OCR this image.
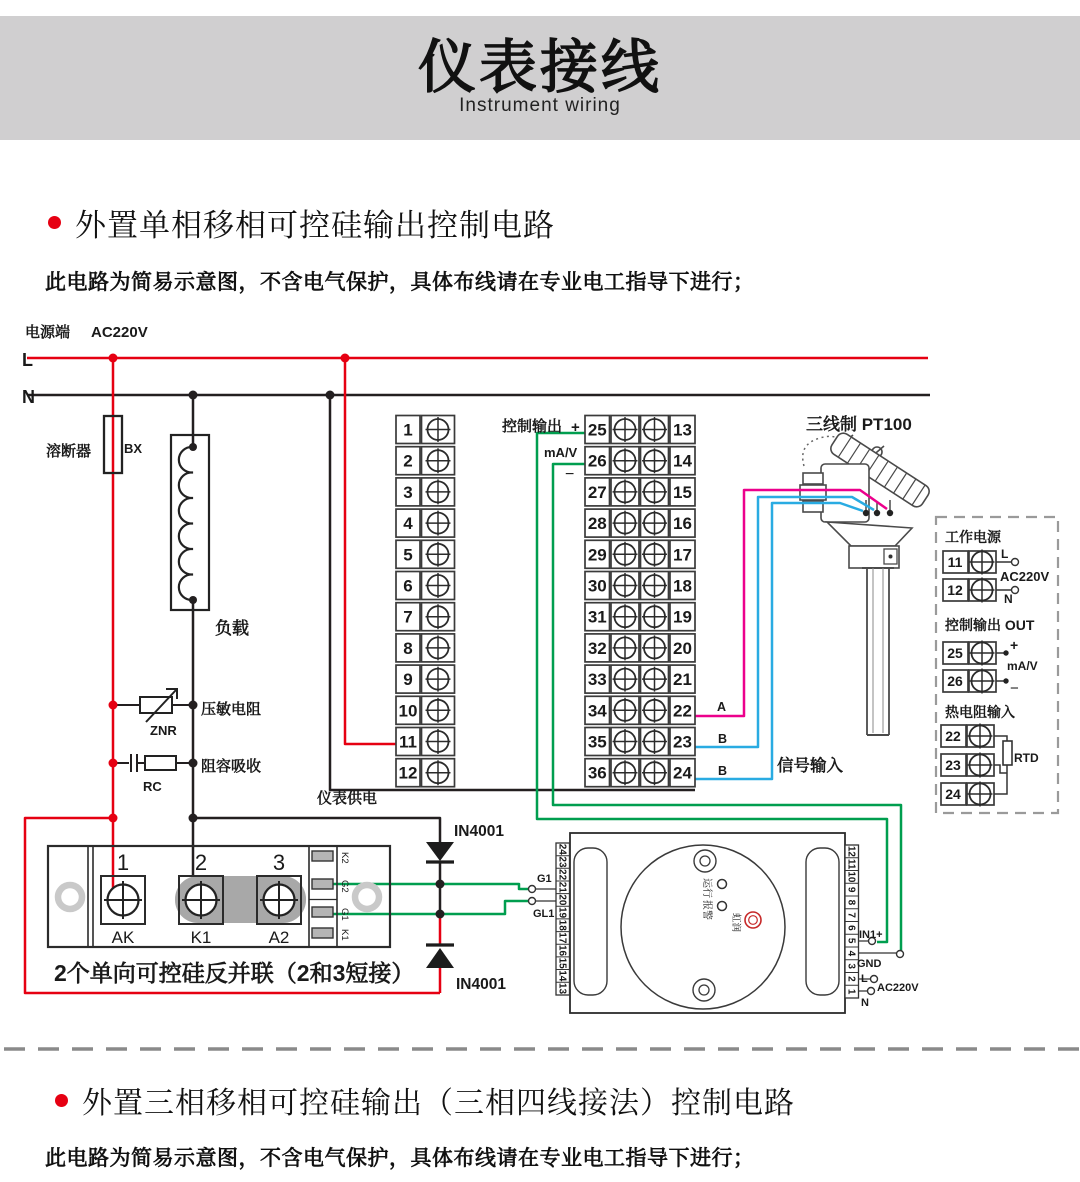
1
2
3
4
5
6
7
8
9
10
11
12
25
26
27
28
29
30
31
32
33
34
35
36
13
14
15
16
17
18
19
20
21
22
23
24
1	2	3
AK	K1	A2
K2
G2
G1
K1
2个单向可控硅反并联（2和3短接）
G1
GL1
运行
报警
虹润
IN1+
GND
L
AC220V
N
24
23
22
21
20
19
18
17
16
15
14
13
12
11
10
9
8
7
6
5
4
3
2
1
工作电源
11
12
L
AC220V
N
控制输出 OUT
25
26
+
mA/V
−
热电阻输入
22
23
24
RTD
电源端 AC220V
L
N
溶断器	BX
负载
压敏电阻
ZNR
阻容吸收
RC
仪表供电
控制输出 +
mA/V
−
三线制 PT100
A
B
B	信号输入
IN4001
IN4001
仪表接线
Instrument wiring
外置单相移相可控硅输出控制电路
此电路为简易示意图，不含电气保护，具体布线请在专业电工指导下进行；
外置三相移相可控硅输出（三相四线接法）控制电路
此电路为简易示意图，不含电气保护，具体布线请在专业电工指导下进行；
